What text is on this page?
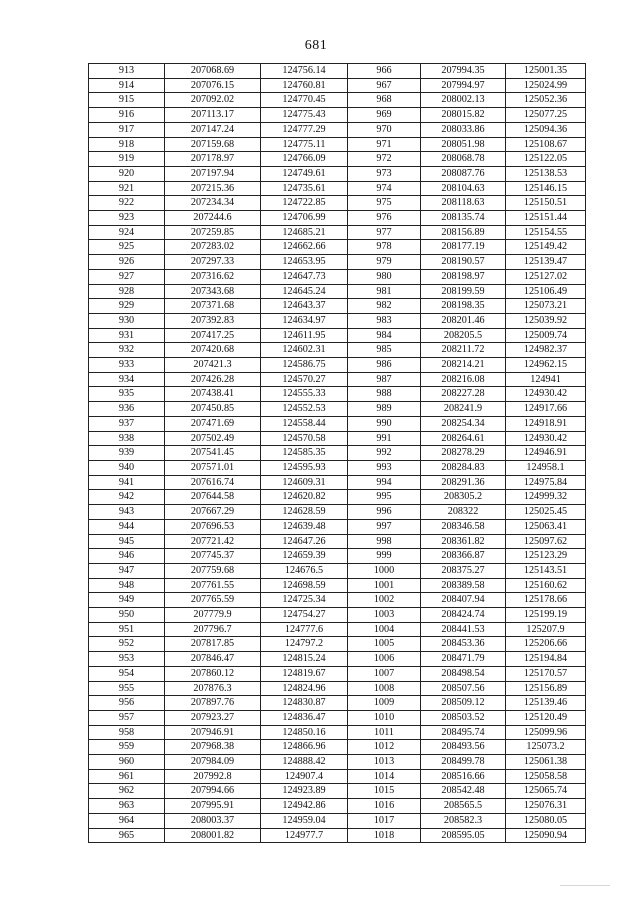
681
913	207068.69	124756.14	966	207994.35	125001.35
914	207076.15	124760.81	967	207994.97	125024.99
915	207092.02	124770.45	968	208002.13	125052.36
916	207113.17	124775.43	969	208015.82	125077.25
917	207147.24	124777.29	970	208033.86	125094.36
918	207159.68	124775.11	971	208051.98	125108.67
919	207178.97	124766.09	972	208068.78	125122.05
920	207197.94	124749.61	973	208087.76	125138.53
921	207215.36	124735.61	974	208104.63	125146.15
922	207234.34	124722.85	975	208118.63	125150.51
923	207244.6	124706.99	976	208135.74	125151.44
924	207259.85	124685.21	977	208156.89	125154.55
925	207283.02	124662.66	978	208177.19	125149.42
926	207297.33	124653.95	979	208190.57	125139.47
927	207316.62	124647.73	980	208198.97	125127.02
928	207343.68	124645.24	981	208199.59	125106.49
929	207371.68	124643.37	982	208198.35	125073.21
930	207392.83	124634.97	983	208201.46	125039.92
931	207417.25	124611.95	984	208205.5	125009.74
932	207420.68	124602.31	985	208211.72	124982.37
933	207421.3	124586.75	986	208214.21	124962.15
934	207426.28	124570.27	987	208216.08	124941
935	207438.41	124555.33	988	208227.28	124930.42
936	207450.85	124552.53	989	208241.9	124917.66
937	207471.69	124558.44	990	208254.34	124918.91
938	207502.49	124570.58	991	208264.61	124930.42
939	207541.45	124585.35	992	208278.29	124946.91
940	207571.01	124595.93	993	208284.83	124958.1
941	207616.74	124609.31	994	208291.36	124975.84
942	207644.58	124620.82	995	208305.2	124999.32
943	207667.29	124628.59	996	208322	125025.45
944	207696.53	124639.48	997	208346.58	125063.41
945	207721.42	124647.26	998	208361.82	125097.62
946	207745.37	124659.39	999	208366.87	125123.29
947	207759.68	124676.5	1000	208375.27	125143.51
948	207761.55	124698.59	1001	208389.58	125160.62
949	207765.59	124725.34	1002	208407.94	125178.66
950	207779.9	124754.27	1003	208424.74	125199.19
951	207796.7	124777.6	1004	208441.53	125207.9
952	207817.85	124797.2	1005	208453.36	125206.66
953	207846.47	124815.24	1006	208471.79	125194.84
954	207860.12	124819.67	1007	208498.54	125170.57
955	207876.3	124824.96	1008	208507.56	125156.89
956	207897.76	124830.87	1009	208509.12	125139.46
957	207923.27	124836.47	1010	208503.52	125120.49
958	207946.91	124850.16	1011	208495.74	125099.96
959	207968.38	124866.96	1012	208493.56	125073.2
960	207984.09	124888.42	1013	208499.78	125061.38
961	207992.8	124907.4	1014	208516.66	125058.58
962	207994.66	124923.89	1015	208542.48	125065.74
963	207995.91	124942.86	1016	208565.5	125076.31
964	208003.37	124959.04	1017	208582.3	125080.05
965	208001.82	124977.7	1018	208595.05	125090.94
